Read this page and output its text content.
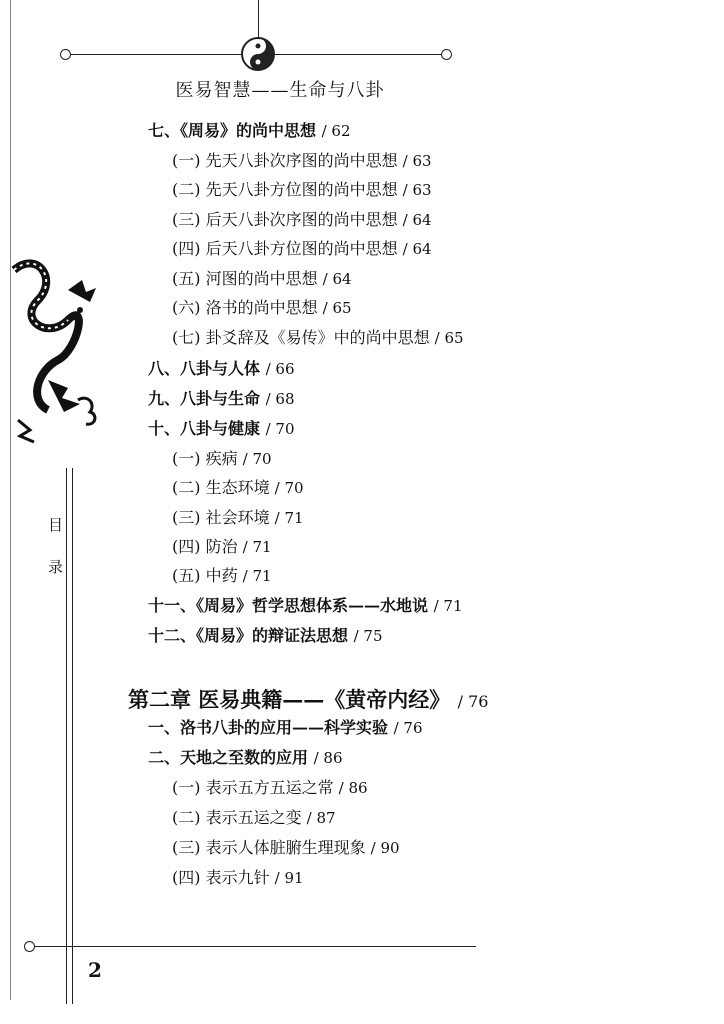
医易智慧——生命与八卦
目
录
七、《周易》的尚中思想 / 62
(一) 先天八卦次序图的尚中思想 / 63
(二) 先天八卦方位图的尚中思想 / 63
(三) 后天八卦次序图的尚中思想 / 64
(四) 后天八卦方位图的尚中思想 / 64
(五) 河图的尚中思想 / 64
(六) 洛书的尚中思想 / 65
(七) 卦爻辞及《易传》中的尚中思想 / 65
八、八卦与人体 / 66
九、八卦与生命 / 68
十、八卦与健康 / 70
(一) 疾病 / 70
(二) 生态环境 / 70
(三) 社会环境 / 71
(四) 防治 / 71
(五) 中药 / 71
十一、《周易》哲学思想体系——水地说 / 71
十二、《周易》的辩证法思想 / 75
第二章 医易典籍——《黄帝内经》 / 76
一、洛书八卦的应用——科学实验 / 76
二、天地之至数的应用 / 86
(一) 表示五方五运之常 / 86
(二) 表示五运之变 / 87
(三) 表示人体脏腑生理现象 / 90
(四) 表示九针 / 91
2
